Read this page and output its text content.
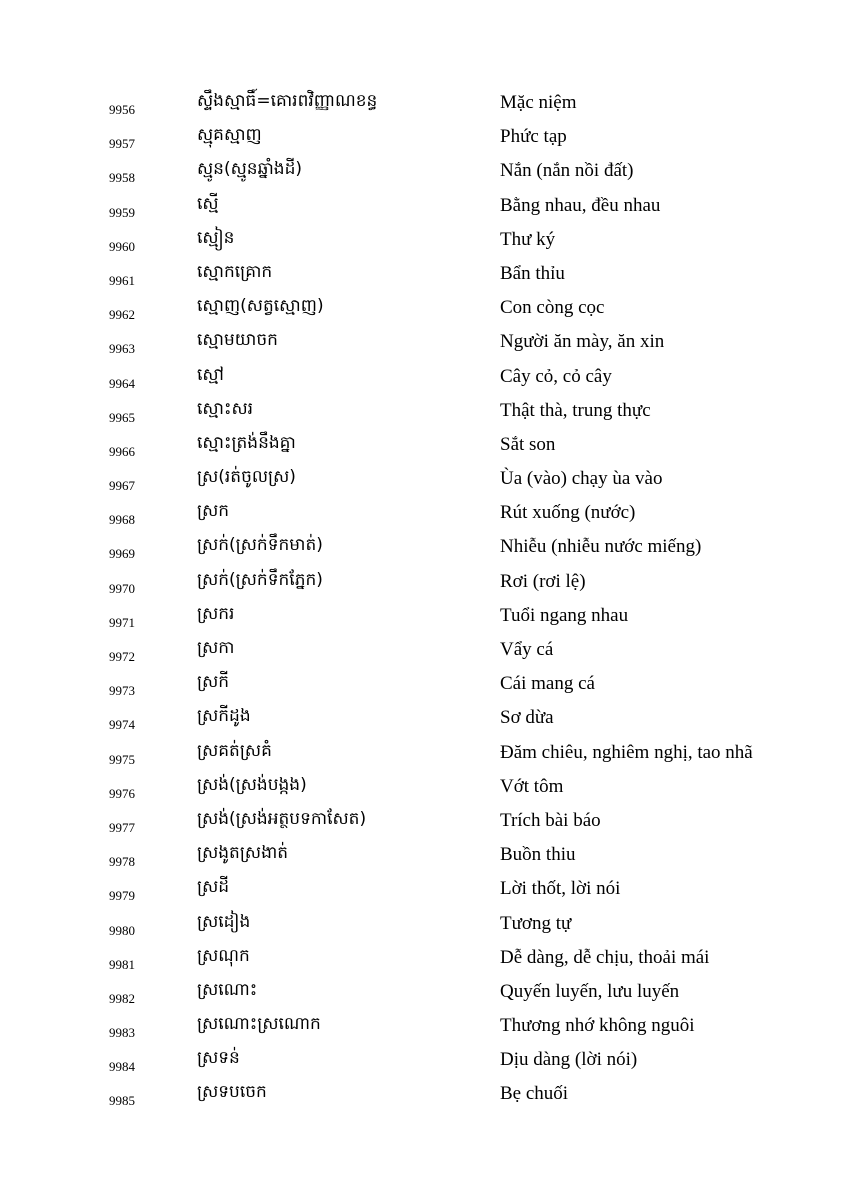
9956	ស្ទឹងស្មាធិ៍=គោរពវិញ្ញាណខន្ធ	Mặc niệm
9957	ស្មុគស្មាញ	Phức tạp
9958	ស្មូន(ស្មូនឆ្នាំងដី)	Nắn (nắn nồi đất)
9959	ស្មើ	Bằng nhau, đều nhau
9960	ស្មៀន	Thư ký
9961	ស្មោកគ្រោក	Bẩn thỉu
9962	ស្មោញ(សត្វស្មោញ)	Con còng cọc
9963	ស្មោមយាចក	Người ăn mày, ăn xin
9964	ស្មៅ	Cây cỏ, cỏ cây
9965	ស្មោះសរ	Thật thà, trung thực
9966	ស្មោះត្រង់នឹងគ្នា	Sắt son
9967	ស្រ(រត់ចូលស្រ)	Ùa (vào) chạy ùa vào
9968	ស្រក	Rút xuống (nước)
9969	ស្រក់(ស្រក់ទឹកមាត់)	Nhiễu (nhiễu nước miếng)
9970	ស្រក់(ស្រក់ទឹកភ្នែក)	Rơi (rơi lệ)
9971	ស្រករ	Tuổi ngang nhau
9972	ស្រកា	Vẩy cá
9973	ស្រកី	Cái mang cá
9974	ស្រកីដូង	Sơ dừa
9975	ស្រគត់ស្រគំ	Đăm chiêu, nghiêm nghị, tao nhã
9976	ស្រង់(ស្រង់បង្កង)	Vớt tôm
9977	ស្រង់(ស្រង់អត្ថបទកាសែត)	Trích bài báo
9978	ស្រងូតស្រងាត់	Buồn thiu
9979	ស្រដី	Lời thốt, lời nói
9980	ស្រដៀង	Tương tự
9981	ស្រណុក	Dễ dàng, dễ chịu, thoải mái
9982	ស្រណោះ	Quyến luyến, lưu luyến
9983	ស្រណោះស្រណោក	Thương nhớ không nguôi
9984	ស្រទន់	Dịu dàng (lời nói)
9985	ស្រទបចេក	Bẹ chuối
